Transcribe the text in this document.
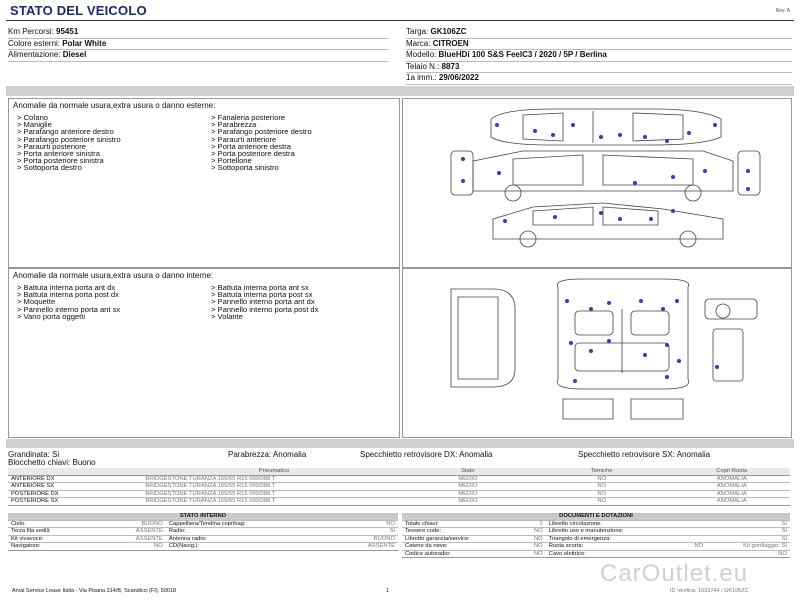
STATO DEL VEICOLO	Rev. A
Km Percorsi: 95451
Colore esterni: Polar White
Alimentazione: Diesel
Targa: GK106ZC
Marca: CITROEN
Modello: BlueHDi 100 S&S FeelC3 / 2020 / 5P / Berlina
Telaio N.: 8873
1a imm.: 29/06/2022
Anomalie da normale usura,extra usura o danno esterne:
> Cofano
> Maniglie
> Parafango anteriore destro
> Parafango posteriore sinistro
> Paraurti posteriore
> Porta anteriore sinistra
> Porta posteriore sinistra
> Sottoporta destro
> Fanaleria posteriore
> Parabrezza
> Parafango posteriore destro
> Paraurti anteriore
> Porta anteriore destra
> Porta posteriore destra
> Portellone
> Sottoporta sinistro
Anomalie da normale usura,extra usura o danno interne:
> Battuta interna porta ant dx
> Battuta interna porta post dx
> Moquette
> Pannello interno porta ant sx
> Vano porta oggetti
> Battuta interna porta ant sx
> Battuta interna porta post sx
> Pannello interno porta ant dx
> Pannello interno porta post dx
> Volante
Grandinata: Si	Parabrezza: Anomalia	Specchietto retrovisore DX: Anomalia	Specchietto retrovisore SX: Anomalia
Blocchetto chiavi: Buono
	Pneumatico	Stato	Temiche	Copri Ruota
ANTERIORE DX	BRIDGESTONE TURANZA 165/65 R15 000/088 T	MEDIO	NO	ANOMALIA
ANTERIORE SX	BRIDGESTONE TURANZA 165/65 R15 000/088 T	MEDIO	NO	ANOMALIA
POSTERIORE DX	BRIDGESTONE TURANZA 165/65 R15 000/088 T	MEDIO	NO	ANOMALIA
POSTERIORE SX	BRIDGESTONE TURANZA 165/65 R15 000/088 T	MEDIO	NO	ANOMALIA
STATO INTERNO			
Cielo:	BUONO	Cappelliera/Tendina copribag:	NO
Terza fila sedili:	ASSENTE	Radio:	SI
Kit vivavoce:	ASSENTE	Antenna radio:	BUONO
Navigatore:	NO	CD(Navig.):	ASSENTE
DOCUMENTI E DOTAZIONI				
Totale chiavi:	2	Libretto circolazione:		SI
Tessere code:	NO	Libretto uso e manutenzione:		SI
Libretto garanzia/service:	NO	Triangolo di emergenza:		SI
Catene da neve:	NO	Ruota scorta:	NO	Kit gonfiaggio: SI
Codice autoradio:	NO	Cavo elettrico:		NO
Arval Service Lease Italia - Via Pisana 314/B, Scandicci (FI), 50018	1	ID Verifica: 1633744 / GK106ZC
CarOutlet.eu
